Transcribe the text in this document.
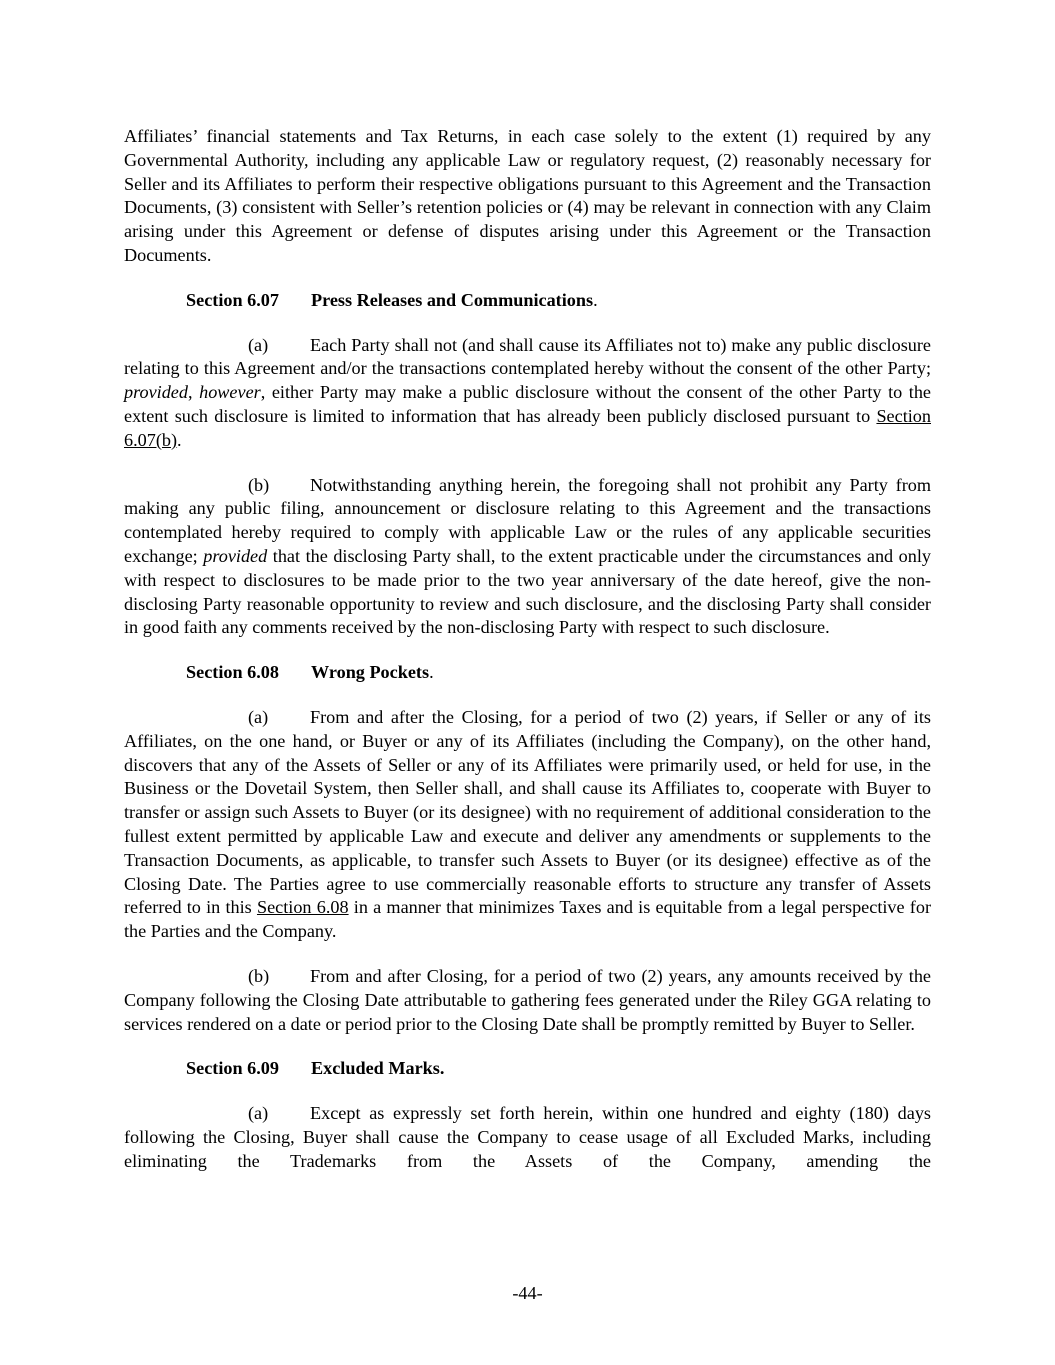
Affiliates’ financial statements and Tax Returns, in each case solely to the extent (1) required by any Governmental Authority, including any applicable Law or regulatory request, (2) reasonably necessary for Seller and its Affiliates to perform their respective obligations pursuant to this Agreement and the Transaction Documents, (3) consistent with Seller’s retention policies or (4) may be relevant in connection with any Claim arising under this Agreement or defense of disputes arising under this Agreement or the Transaction Documents.

Section 6.07 Press Releases and Communications.

(a) Each Party shall not (and shall cause its Affiliates not to) make any public disclosure relating to this Agreement and/or the transactions contemplated hereby without the consent of the other Party; provided, however, either Party may make a public disclosure without the consent of the other Party to the extent such disclosure is limited to information that has already been publicly disclosed pursuant to Section 6.07(b).

(b) Notwithstanding anything herein, the foregoing shall not prohibit any Party from making any public filing, announcement or disclosure relating to this Agreement and the transactions contemplated hereby required to comply with applicable Law or the rules of any applicable securities exchange; provided that the disclosing Party shall, to the extent practicable under the circumstances and only with respect to disclosures to be made prior to the two year anniversary of the date hereof, give the non-disclosing Party reasonable opportunity to review and such disclosure, and the disclosing Party shall consider in good faith any comments received by the non-disclosing Party with respect to such disclosure.

Section 6.08 Wrong Pockets.

(a) From and after the Closing, for a period of two (2) years, if Seller or any of its Affiliates, on the one hand, or Buyer or any of its Affiliates (including the Company), on the other hand, discovers that any of the Assets of Seller or any of its Affiliates were primarily used, or held for use, in the Business or the Dovetail System, then Seller shall, and shall cause its Affiliates to, cooperate with Buyer to transfer or assign such Assets to Buyer (or its designee) with no requirement of additional consideration to the fullest extent permitted by applicable Law and execute and deliver any amendments or supplements to the Transaction Documents, as applicable, to transfer such Assets to Buyer (or its designee) effective as of the Closing Date. The Parties agree to use commercially reasonable efforts to structure any transfer of Assets referred to in this Section 6.08 in a manner that minimizes Taxes and is equitable from a legal perspective for the Parties and the Company.

(b) From and after Closing, for a period of two (2) years, any amounts received by the Company following the Closing Date attributable to gathering fees generated under the Riley GGA relating to services rendered on a date or period prior to the Closing Date shall be promptly remitted by Buyer to Seller.

Section 6.09 Excluded Marks.

(a) Except as expressly set forth herein, within one hundred and eighty (180) days following the Closing, Buyer shall cause the Company to cease usage of all Excluded Marks, including eliminating the Trademarks from the Assets of the Company, amending the

-44-
